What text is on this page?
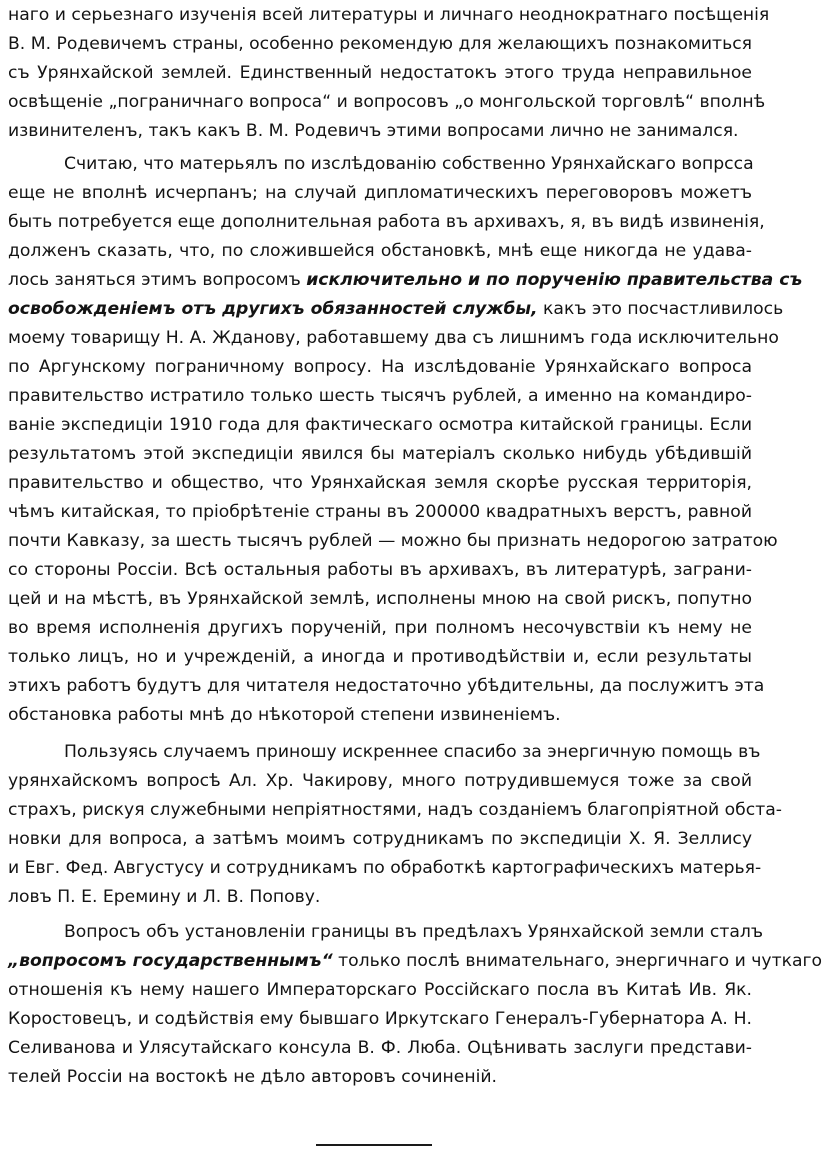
нагo и серьезнаго изученія всей литературы и личнаго неоднократнаго посѣщенія
В. М. Родевичемъ страны, особенно рекомендую для желающихъ познакомиться
съ Урянхайской землей. Единственный недостатокъ этого труда неправильное
освѣщеніе „пограничнаго вопроса“ и вопросовъ „о монгольской торговлѣ“ вполнѣ
извинителенъ, такъ какъ В. М. Родевичъ этими вопросами лично не занимался.
Считаю, что матерьялъ по изслѣдованію собственно Урянхайскаго вопрсса
еще не вполнѣ исчерпанъ; на случай дипломатическихъ переговоровъ можетъ
быть потребуется еще дополнительная работа въ архивахъ, я, въ видѣ извиненія,
долженъ сказать, что, по сложившейся обстановкѣ, мнѣ еще никогда не удава-
лось заняться этимъ вопросомъ исключительно и по порученію правительства съ
освобожденіемъ отъ другихъ обязанностей службы, какъ это посчастливилось
моему товарищу Н. А. Жданову, работавшему два съ лишнимъ года исключительно
по Аргунскому пограничному вопросу. На изслѣдованіе Урянхайскаго вопроса
правительство истратило только шесть тысячъ рублей, а именно на командиро-
ваніе экспедиціи 1910 года для фактическаго осмотра китайской границы. Если
результатомъ этой экспедиціи явился бы матеріалъ сколько нибудь убѣдившій
правительство и общество, что Урянхайская земля скорѣе русская территорія,
чѣмъ китайская, то пріобрѣтеніе страны въ 200000 квадратныхъ верстъ, равной
почти Кавказу, за шесть тысячъ рублей — можно бы признать недорогою затратою
со стороны Россіи. Всѣ остальныя работы въ архивахъ, въ литературѣ, заграни-
цей и на мѣстѣ, въ Урянхайской землѣ, исполнены мною на свой рискъ, попутно
во время исполненія другихъ порученій, при полномъ несочувствіи къ нему не
только лицъ, но и учрежденій, а иногда и противодѣйствіи и, если результаты
этихъ работъ будутъ для читателя недостаточно убѣдительны, да послужитъ эта
обстановка работы мнѣ до нѣкоторой степени извиненіемъ.
Пользуясь случаемъ приношу искреннее спасибо за энергичную помощь въ
урянхайскомъ вопросѣ Ал. Хр. Чакирову, много потрудившемуся тоже за свой
страхъ, рискуя служебными непріятностями, надъ созданіемъ благопріятной обста-
новки для вопроса, а затѣмъ моимъ сотрудникамъ по экспедиціи Х. Я. Зеллису
и Евг. Фед. Августусу и сотрудникамъ по обработкѣ картографическихъ матерья-
ловъ П. Е. Еремину и Л. В. Попову.
Вопросъ объ установленіи границы въ предѣлахъ Урянхайской земли сталъ
„вопросомъ государственнымъ“ только послѣ внимательнаго, энергичнаго и чуткаго
отношенія къ нему нашего Императорскаго Россійскаго посла въ Китаѣ Ив. Як.
Коростовецъ, и содѣйствія ему бывшаго Иркутскаго Генералъ-Губернатора А. Н.
Селиванова и Улясутайскаго консула В. Ф. Люба. Оцѣнивать заслуги представи-
телей Россіи на востокѣ не дѣло авторовъ сочиненій.
